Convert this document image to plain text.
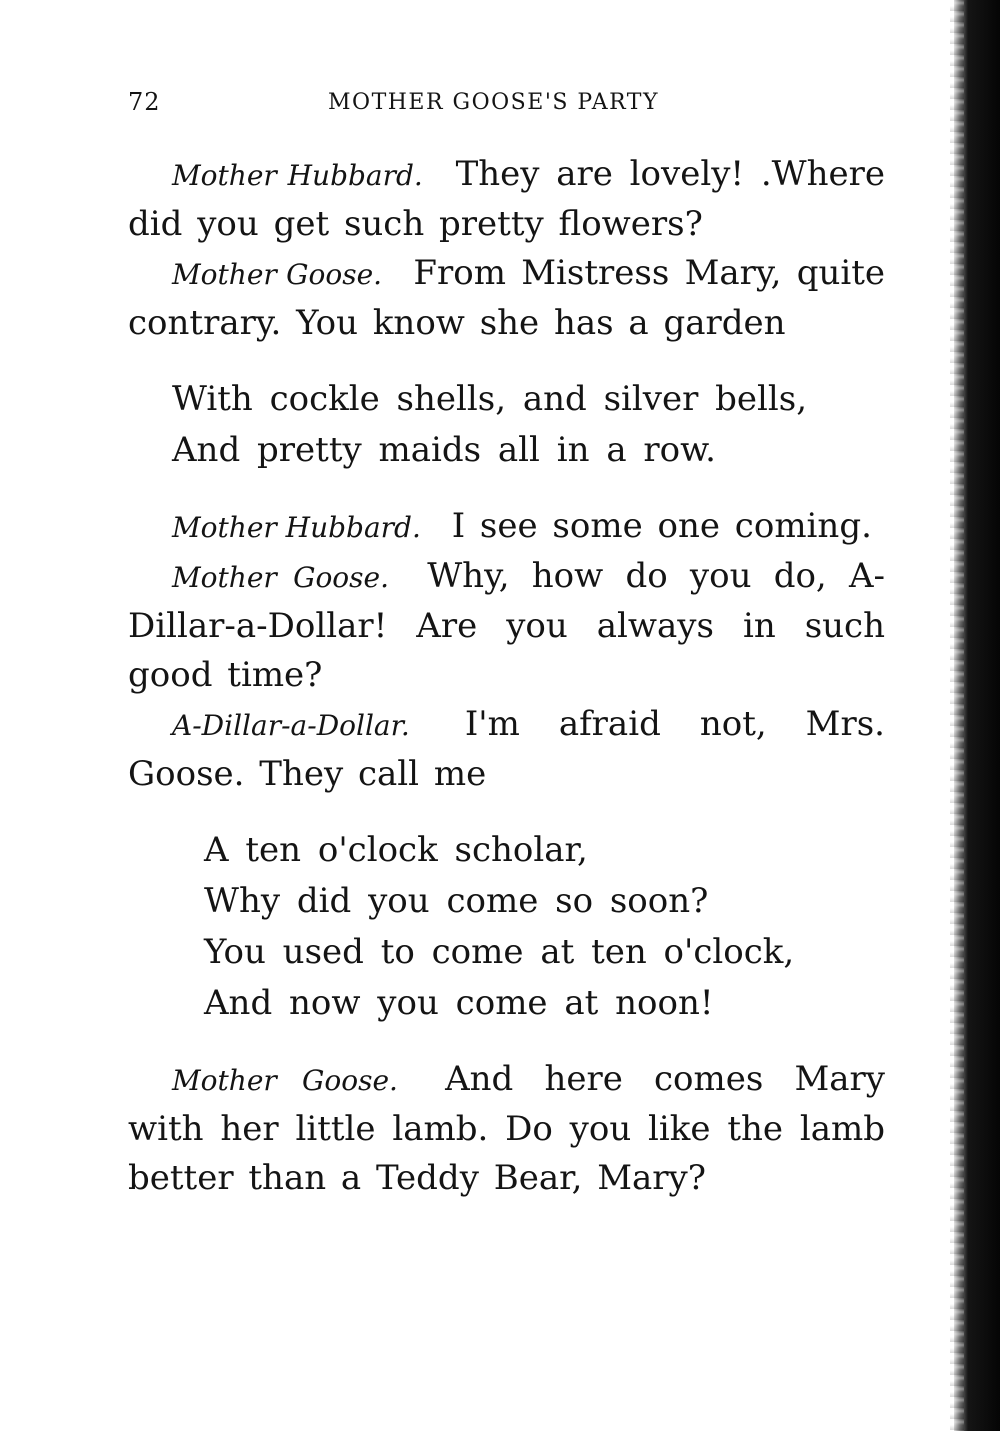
72	MOTHER GOOSE'S PARTY

Mother Hubbard. They are lovely! .Where did you get such pretty flowers?

Mother Goose. From Mistress Mary, quite contrary. You know she has a garden

With cockle shells, and silver bells,
And pretty maids all in a row.

Mother Hubbard. I see some one coming.

Mother Goose. Why, how do you do, A-Dillar-a-Dollar! Are you always in such good time?

A-Dillar-a-Dollar. I'm afraid not, Mrs. Goose. They call me

A ten o'clock scholar,
Why did you come so soon?
You used to come at ten o'clock,
And now you come at noon!

Mother Goose. And here comes Mary with her little lamb. Do you like the lamb better than a Teddy Bear, Mary?
